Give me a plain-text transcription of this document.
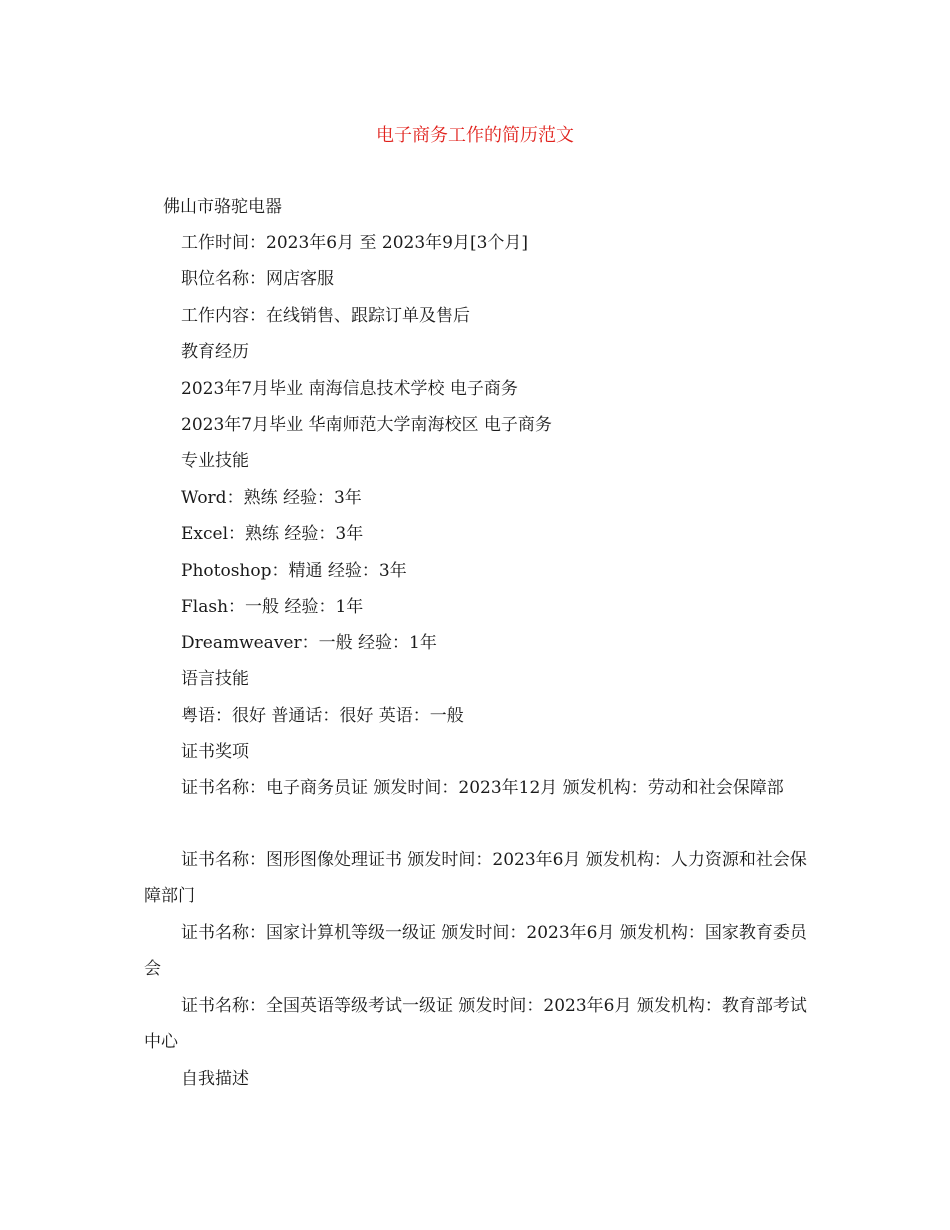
电子商务工作的简历范文
佛山市骆驼电器
工作时间：2023年6月 至 2023年9月[3个月]
职位名称：网店客服
工作内容：在线销售、跟踪订单及售后
教育经历
2023年7月毕业 南海信息技术学校 电子商务
2023年7月毕业 华南师范大学南海校区 电子商务
专业技能
Word：熟练 经验：3年
Excel：熟练 经验：3年
Photoshop：精通 经验：3年
Flash：一般 经验：1年
Dreamweaver：一般 经验：1年
语言技能
粤语：很好 普通话：很好 英语：一般
证书奖项
证书名称：电子商务员证 颁发时间：2023年12月 颁发机构：劳动和社会保障部
证书名称：图形图像处理证书 颁发时间：2023年6月 颁发机构：人力资源和社会保障部门
证书名称：国家计算机等级一级证 颁发时间：2023年6月 颁发机构：国家教育委员会
证书名称：全国英语等级考试一级证 颁发时间：2023年6月 颁发机构：教育部考试中心
自我描述
